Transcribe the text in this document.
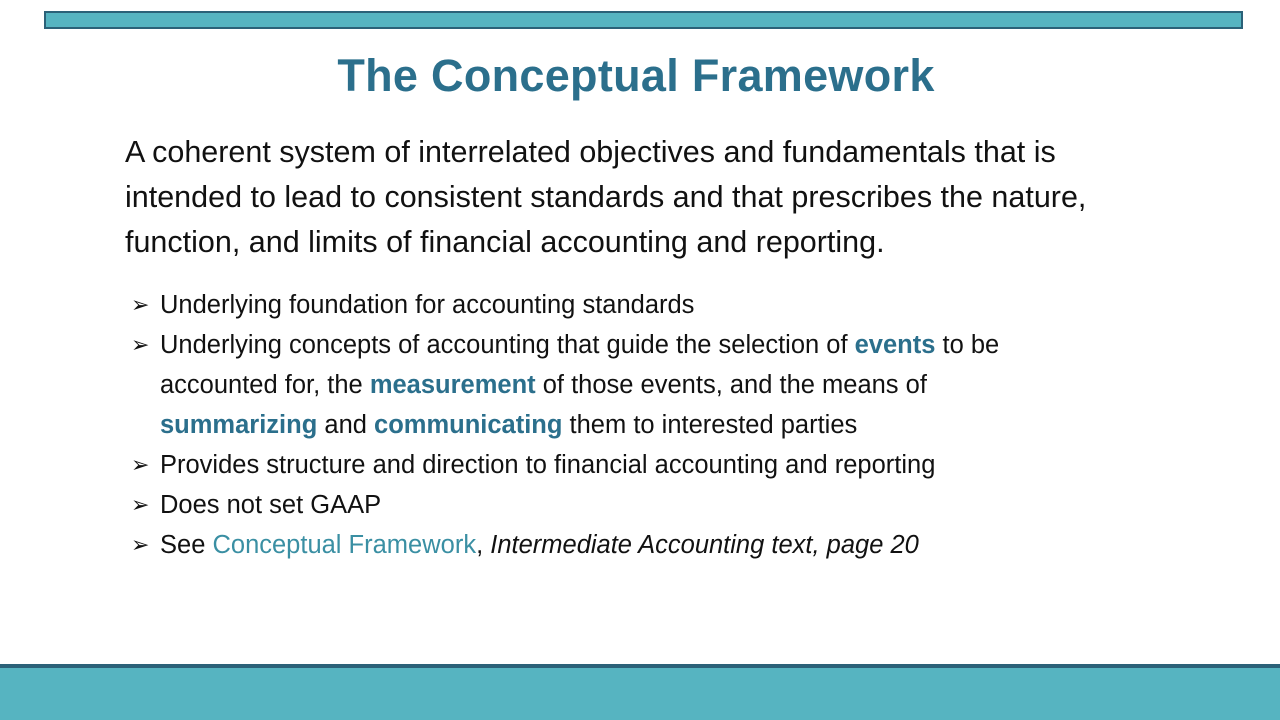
The Conceptual Framework
A coherent system of interrelated objectives and fundamentals that is intended to lead to consistent standards and that prescribes the nature, function, and limits of financial accounting and reporting.
➢ Underlying foundation for accounting standards
➢ Underlying concepts of accounting that guide the selection of events to be accounted for, the measurement of those events, and the means of summarizing and communicating them to interested parties
➢ Provides structure and direction to financial accounting and reporting
➢ Does not set GAAP
➢ See Conceptual Framework, Intermediate Accounting text, page 20
